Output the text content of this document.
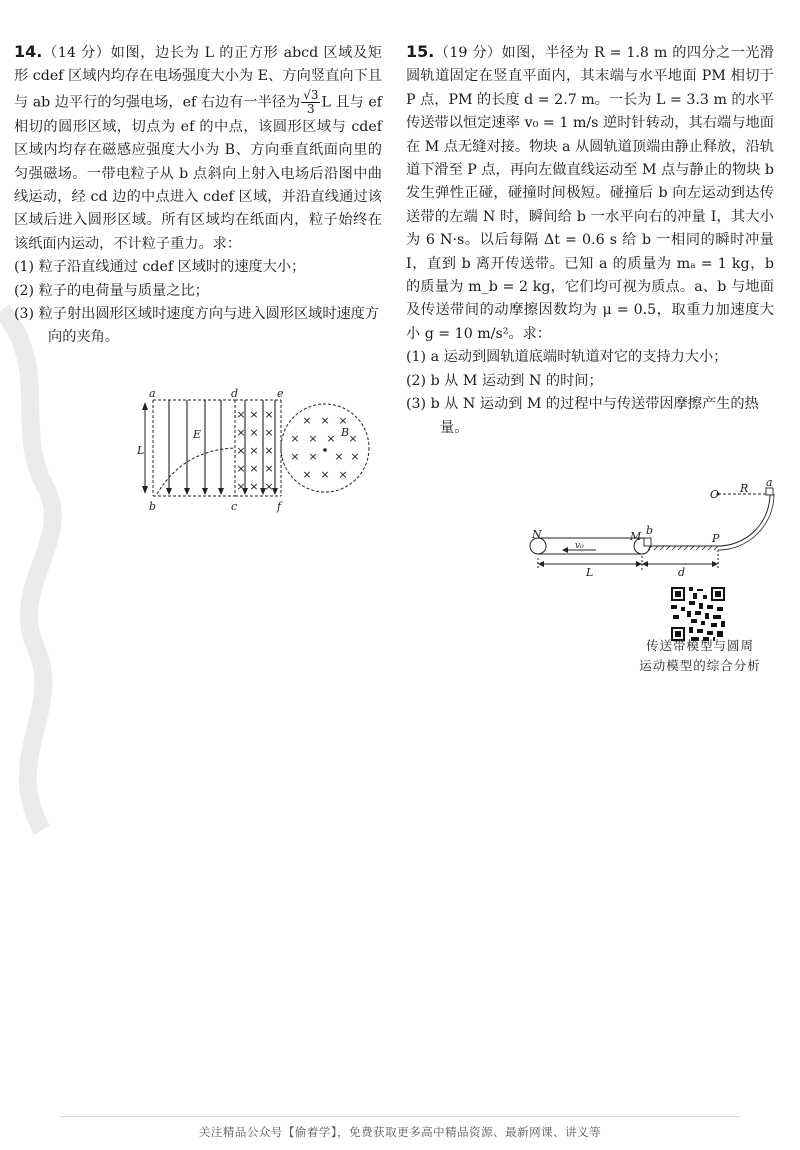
14.（14 分）如图，边长为 L 的正方形 abcd 区域及矩形 cdef 区域内均存在电场强度大小为 E、方向竖直向下且与 ab 边平行的匀强电场，ef 右边有一半径为 $\frac{√3}{3}$ L 且与 ef 相切的圆形区域，切点为 ef 的中点，该圆形区域与 cdef 区域内均存在磁感应强度大小为 B、方向垂直纸面向里的匀强磁场。一带电粒子从 b 点斜向上射入电场后沿图中曲线运动，经 cd 边的中点进入 cdef 区域，并沿直线通过该区域后进入圆形区域。所有区域均在纸面内，粒子始终在该纸面内运动，不计粒子重力。求：

(1) 粒子沿直线通过 cdef 区域时的速度大小；
(2) 粒子的电荷量与质量之比；
(3) 粒子射出圆形区域时速度方向与进入圆形区域时速度方向的夹角。
× × ×
× × ×
× × ×
× × ×
× × ×
× × ×
× × × ×
× × × ×
× × ×
a
b	c
d	e
f
E
L
B

15.（19 分）如图，半径为 R = 1.8 m 的四分之一光滑圆轨道固定在竖直平面内，其末端与水平地面 PM 相切于 P 点，PM 的长度 d = 2.7 m。一长为 L = 3.3 m 的水平传送带以恒定速率 v₀ = 1 m/s 逆时针转动，其右端与地面在 M 点无缝对接。物块 a 从圆轨道顶端由静止释放，沿轨道下滑至 P 点，再向左做直线运动至 M 点与静止的物块 b 发生弹性正碰，碰撞时间极短。碰撞后 b 向左运动到达传送带的左端 N 时，瞬间给 b 一水平向右的冲量 I，其大小为 6 N·s。以后每隔 Δt = 0.6 s 给 b 一相同的瞬时冲量 I，直到 b 离开传送带。已知 a 的质量为 mₐ = 1 kg，b 的质量为 m_b = 2 kg，它们均可视为质点。a、b 与地面及传送带间的动摩擦因数均为 μ = 0.5，取重力加速度大小 g = 10 m/s²。求：

(1) a 运动到圆轨道底端时轨道对它的支持力大小；
(2) b 从 M 运动到 N 的时间；
(3) b 从 N 运动到 M 的过程中与传送带因摩擦产生的热量。
O R a
b
N	M	P
v₀
L	d
传送带模型与圆周
运动模型的综合分析
关注精品公众号【偷着学】，免费获取更多高中精品资源、最新网课、讲义等
